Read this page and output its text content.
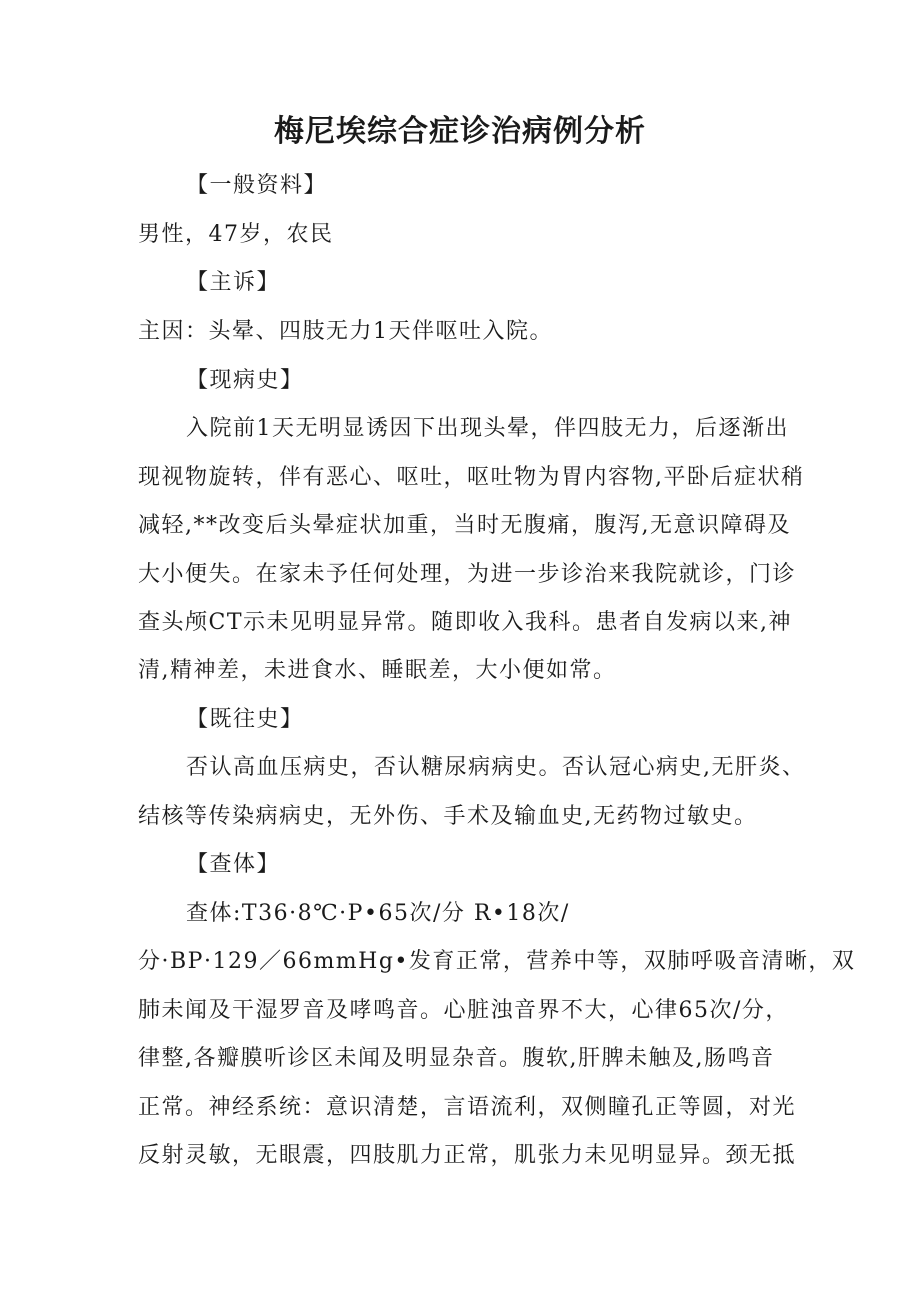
梅尼埃综合症诊治病例分析
【一般资料】
男性，47岁，农民
【主诉】
主因：头晕、四肢无力1天伴呕吐入院。
【现病史】
入院前1天无明显诱因下出现头晕，伴四肢无力，后逐渐出
现视物旋转，伴有恶心、呕吐，呕吐物为胃内容物,平卧后症状稍
减轻,**改变后头晕症状加重，当时无腹痛，腹泻,无意识障碍及
大小便失。在家未予任何处理，为进一步诊治来我院就诊，门诊
查头颅CT示未见明显异常。随即收入我科。患者自发病以来,神
清,精神差，未进食水、睡眠差，大小便如常。
【既往史】
否认高血压病史，否认糖尿病病史。否认冠心病史,无肝炎、
结核等传染病病史，无外伤、手术及输血史,无药物过敏史。
【查体】
查体:T36·8℃·P•65次/分 R•18次/
分·BP·129／66mmHg•发育正常，营养中等，双肺呼吸音清晰，双
肺未闻及干湿罗音及哮鸣音。心脏浊音界不大，心律65次/分，
律整,各瓣膜听诊区未闻及明显杂音。腹软,肝脾未触及,肠鸣音
正常。神经系统：意识清楚，言语流利，双侧瞳孔正等圆，对光
反射灵敏，无眼震，四肢肌力正常，肌张力未见明显异。颈无抵
